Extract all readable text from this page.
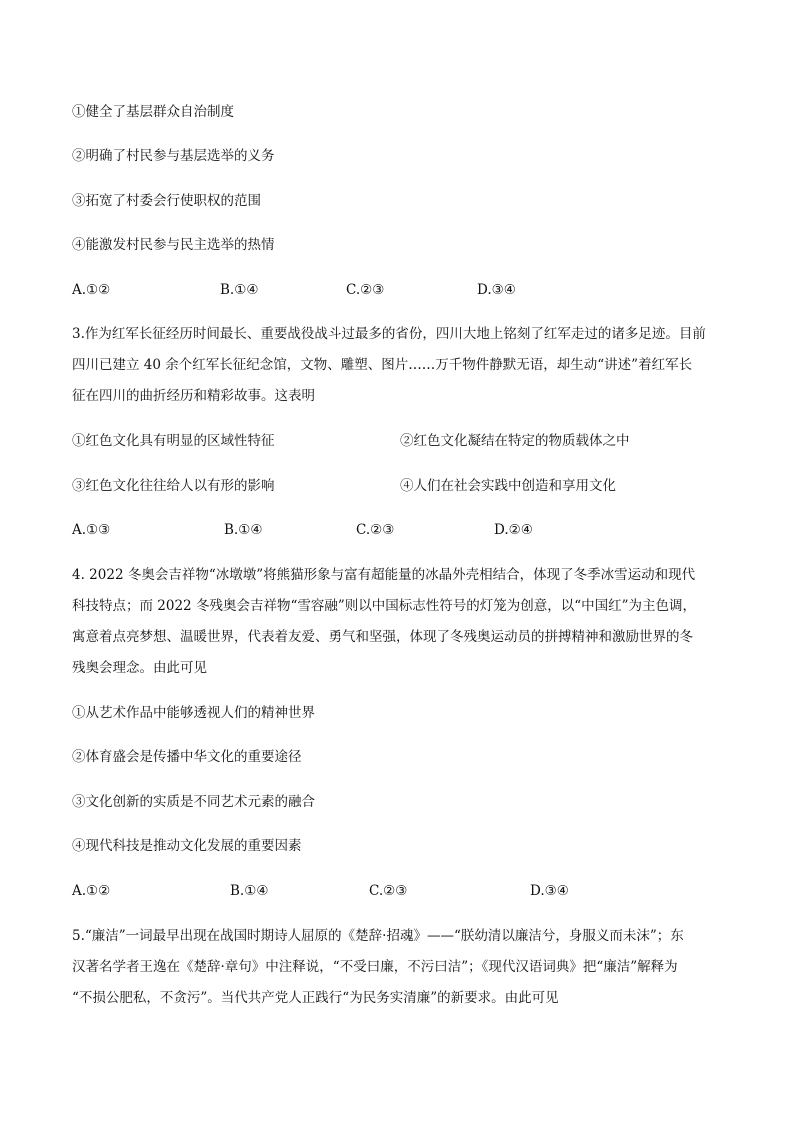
①健全了基层群众自治制度
②明确了村民参与基层选举的义务
③拓宽了村委会行使职权的范围
④能激发村民参与民主选举的热情
A.①②	B.①④	C.②③	D.③④
3.作为红军长征经历时间最长、重要战役战斗过最多的省份，四川大地上铭刻了红军走过的诸多足迹。目前
四川已建立 40 余个红军长征纪念馆，文物、雕塑、图片……万千物件静默无语，却生动“讲述”着红军长
征在四川的曲折经历和精彩故事。这表明
①红色文化具有明显的区域性特征	②红色文化凝结在特定的物质载体之中
③红色文化往往给人以有形的影响	④人们在社会实践中创造和享用文化
A.①③	B.①④	C.②③	D.②④
4. 2022 冬奥会吉祥物“冰墩墩”将熊猫形象与富有超能量的冰晶外壳相结合，体现了冬季冰雪运动和现代
科技特点；而 2022 冬残奥会吉祥物“雪容融”则以中国标志性符号的灯笼为创意，以“中国红”为主色调，
寓意着点亮梦想、温暖世界，代表着友爱、勇气和坚强，体现了冬残奥运动员的拼搏精神和激励世界的冬
残奥会理念。由此可见
①从艺术作品中能够透视人们的精神世界
②体育盛会是传播中华文化的重要途径
③文化创新的实质是不同艺术元素的融合
④现代科技是推动文化发展的重要因素
A.①②	B.①④	C.②③	D.③④
5.“廉洁”一词最早出现在战国时期诗人屈原的《楚辞·招魂》——“朕幼清以廉洁兮，身服义而未沫”；东
汉著名学者王逸在《楚辞·章句》中注释说，“不受曰廉，不污曰洁”；《现代汉语词典》把“廉洁”解释为
“不损公肥私，不贪污”。当代共产党人正践行“为民务实清廉”的新要求。由此可见
